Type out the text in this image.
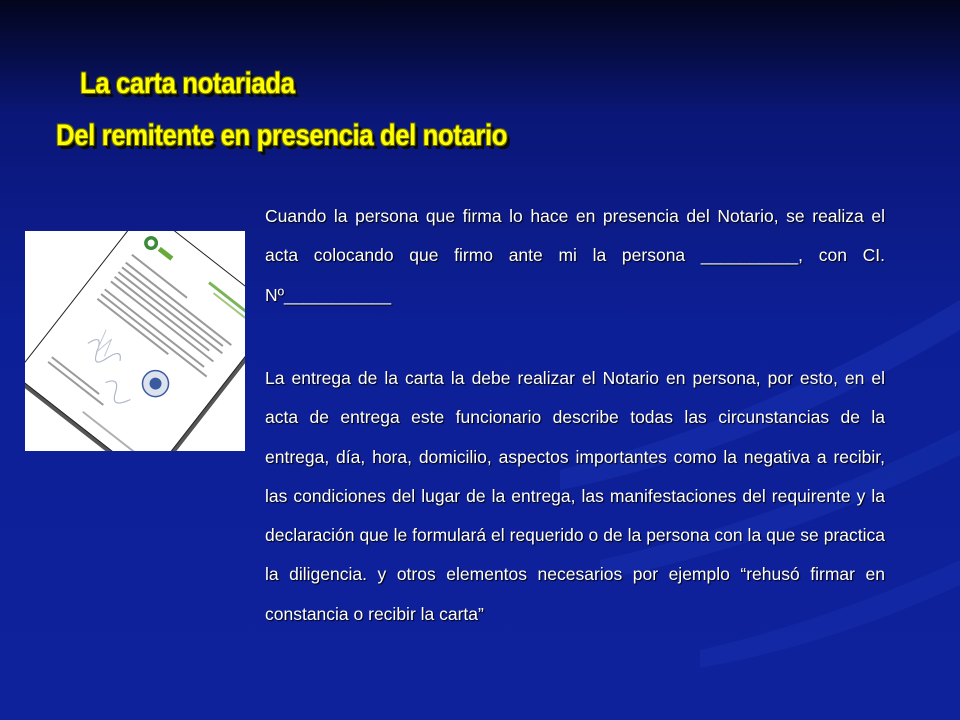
La carta notariada
Del remitente en presencia del notario
Cuando la persona que firma lo hace en presencia del Notario, se realiza el acta colocando que firmo ante mi la persona __________, con CI. Nº___________
La entrega de la carta la debe realizar el Notario en persona, por esto, en el acta de entrega este funcionario describe todas las circunstancias de la entrega, día, hora, domicilio, aspectos importantes como la negativa a recibir, las condiciones del lugar de la entrega, las manifestaciones del requirente y la declaración que le formulará el requerido o de la persona con la que se practica la diligencia. y otros elementos necesarios por ejemplo “rehusó firmar en constancia o recibir la carta”
